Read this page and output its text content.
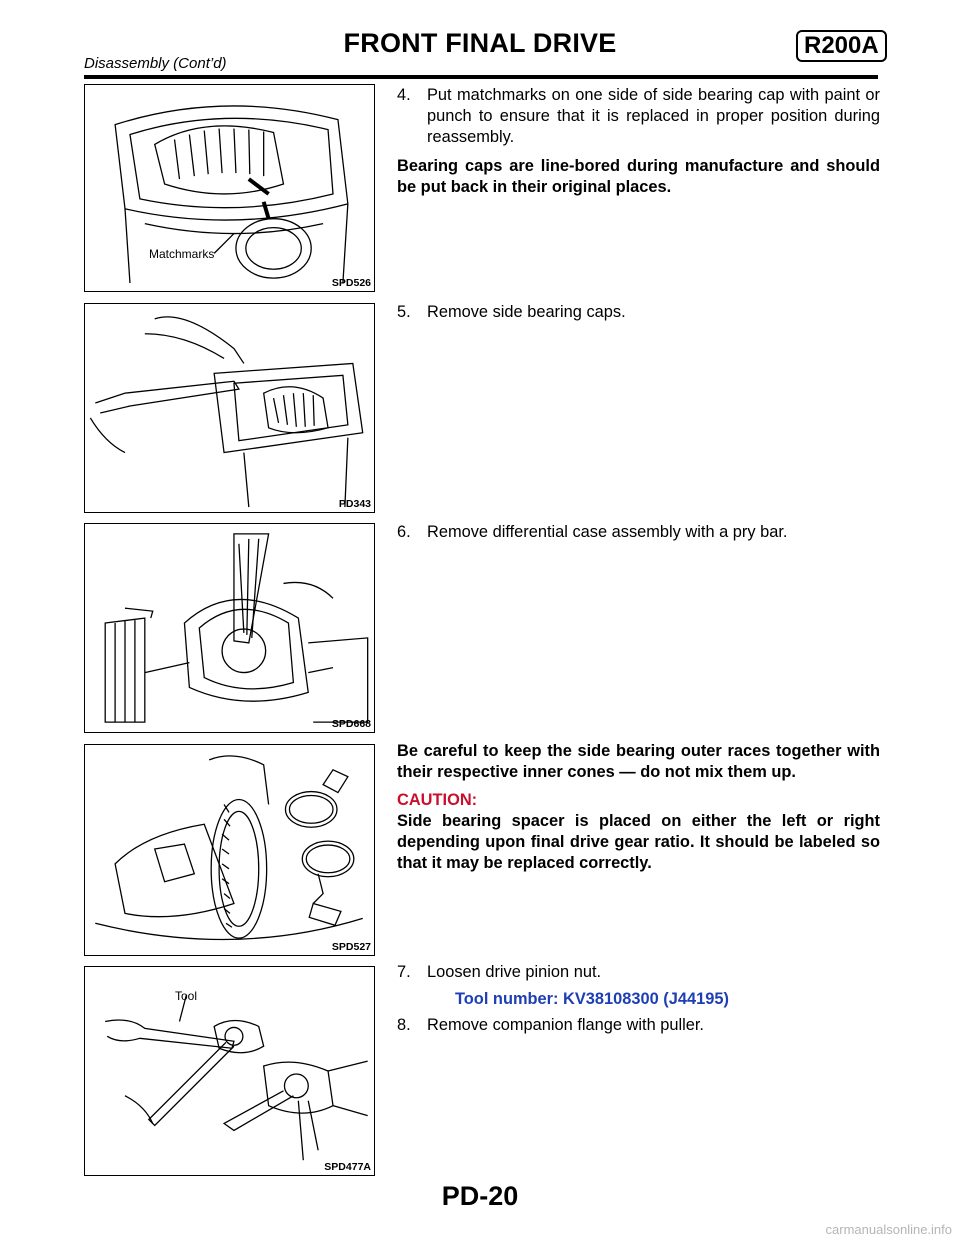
FRONT FINAL DRIVE	R200A
Disassembly (Cont’d)
Matchmarks
SPD526
PD343
SPD668
SPD527
Tool
SPD477A
4. Put matchmarks on one side of side bearing cap with paint or punch to ensure that it is replaced in proper position during reassembly.
Bearing caps are line-bored during manufacture and should be put back in their original places.
5. Remove side bearing caps.
6. Remove differential case assembly with a pry bar.
Be careful to keep the side bearing outer races together with their respective inner cones — do not mix them up.
CAUTION:
Side bearing spacer is placed on either the left or right depending upon final drive gear ratio. It should be labeled so that it may be replaced correctly.
7. Loosen drive pinion nut.
Tool number: KV38108300 (J44195)
8. Remove companion flange with puller.
PD-20
carmanualsonline.info
